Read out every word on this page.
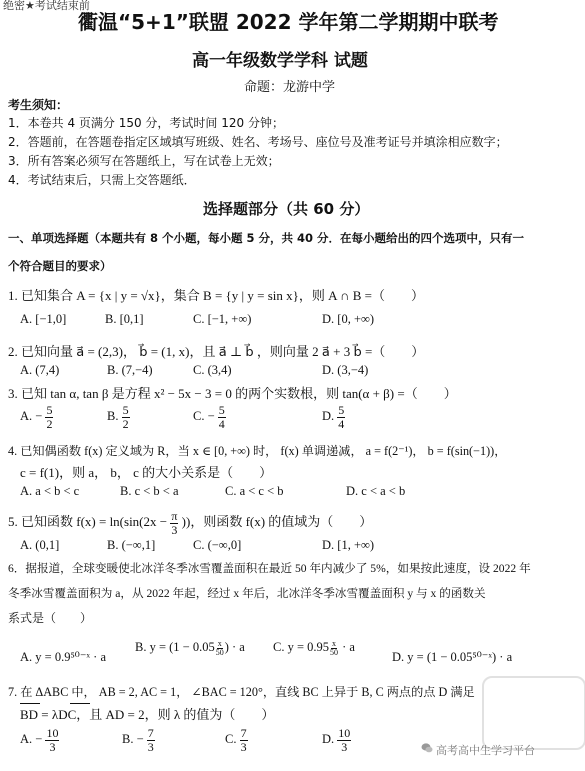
绝密★考试结束前
衢温“5+1”联盟 2022 学年第二学期期中联考
高一年级数学学科 试题
命题：龙游中学
考生须知：
1．本卷共 4 页满分 150 分，考试时间 120 分钟；
2．答题前，在答题卷指定区域填写班级、姓名、考场号、座位号及准考证号并填涂相应数字；
3．所有答案必须写在答题纸上，写在试卷上无效；
4．考试结束后，只需上交答题纸．
选择题部分（共 60 分）
一、单项选择题（本题共有 8 个小题，每小题 5 分，共 40 分．在每小题给出的四个选项中，只有一
个符合题目的要求）
1. 已知集合 A = {x | y = √x}，集合 B = {y | y = sin x}，则 A ∩ B =（　　）
A. [−1,0]	B. [0,1]	C. [−1, +∞)	D. [0, +∞)
2. 已知向量 a⃗ = (2,3)， b⃗ = (1, x)，且 a⃗ ⊥ b⃗ ，则向量 2 a⃗ + 3 b⃗ =（　　）
A. (7,4)	B. (7,−4)	C. (3,4)	D. (3,−4)
3. 已知 tan α, tan β 是方程 x² − 5x − 3 = 0 的两个实数根，则 tan(α + β) =（　　）
A. − $\frac{5}{2}$	B. $\frac{5}{2}$	C. − $\frac{5}{4}$	D. $\frac{5}{4}$
4. 已知偶函数 f(x) 定义域为 R，当 x ∈ [0, +∞) 时， f(x) 单调递减， a = f(2⁻¹)， b = f(sin(−1))，
c = f(1)，则 a， b， c 的大小关系是（　　）
A. a < b < c	B. c < b < a	C. a < c < b	D. c < a < b
5. 已知函数 $f(x) = \ln(\sin(2x - \frac{\pi}{3}$ ))，则函数 f(x) 的值域为（　　）
A. (0,1]	B. (−∞,1]	C. (−∞,0]	D. [1, +∞)
6．据报道，全球变暖使北冰洋冬季冰雪覆盖面积在最近 50 年内减少了 5%，如果按此速度，设 2022 年
冬季冰雪覆盖面积为 a，从 2022 年起，经过 x 年后，北冰洋冬季冰雪覆盖面积 y 与 x 的函数关
系式是（　　）
A. y = 0.9⁵⁰⁻ˣ · a
B. $y = (1 - 0.05 \frac{x}{50}$ ) · a C. $y = 0.95 \frac{x}{50} \cdot a$
D. y = (1 − 0.05⁵⁰⁻ˣ) · a
7. 在 ΔABC 中， AB = 2, AC = 1， ∠BAC = 120°，直线 BC 上异于 B, C 两点的点 D 满足
BD = λDC，且 AD = 2，则 λ 的值为（　　）
A. − $\frac{10}{3}$	B. − $\frac{7}{3}$	C. $\frac{7}{3}$	D. $\frac{10}{3}$	高考高中生学习平台
